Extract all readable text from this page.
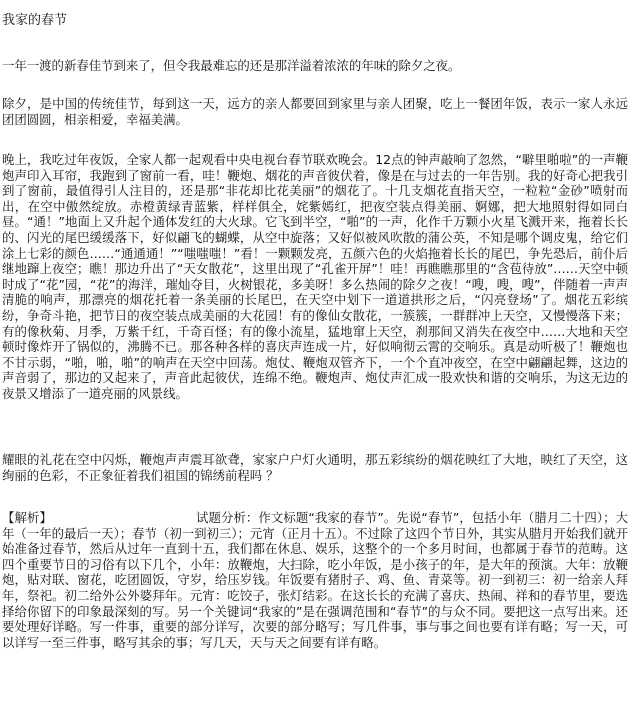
我家的春节

一年一渡的新春佳节到来了，但令我最难忘的还是那洋溢着浓浓的年味的除夕之夜。

除夕，是中国的传统佳节，每到这一天，远方的亲人都要回到家里与亲人团聚，吃上一餐团年饭，表示一家人永远团团圆圆，相亲相爱，幸福美满。

晚上，我吃过年夜饭，全家人都一起观看中央电视台春节联欢晚会。12点的钟声敲响了忽然，“噼里啪啦”的一声鞭炮声印入耳帘，我跑到了窗前一看，哇！鞭炮、烟花的声音彼伏着，像是在与过去的一年告别。我的好奇心把我引到了窗前，最值得引人注目的，还是那“非花却比花美丽”的烟花了。十几支烟花直指天空，一粒粒“金砂”喷射而出，在空中傲然绽放。赤橙黄绿青蓝紫，样样俱全，姹紫嫣红，把夜空装点得美丽、婀娜，把大地照射得如同白昼。“通！”地面上又升起个通体发红的大火球。它飞到半空，“啪”的一声，化作千万颗小火星飞溅开来，拖着长长的、闪光的尾巴缓缓落下，好似翩飞的蝴蝶，从空中旋落；又好似被风吹散的蒲公英，不知是哪个调皮鬼，给它们涂上七彩的颜色……“通通通！”“嗤嗤嗤！”看！一颗颗发亮，五颜六色的火焰拖着长长的尾巴，争先恐后，前仆后继地蹿上夜空；瞧！那边升出了“天女散花”，这里出现了“孔雀开屏”！哇！再瞧瞧那里的“含苞待放”……天空中顿时成了“花”园，“花”的海洋，璀灿夺目，火树银花，多美呀！多么热闹的除夕之夜！“嗖，嗖，嗖”，伴随着一声声清脆的响声，那漂亮的烟花托着一条美丽的长尾巴，在天空中划下一道道拱形之后，“闪亮登场”了。烟花五彩缤纷，争奇斗艳，把节日的夜空装点成美丽的大花园！有的像仙女散花，一簇簇，一群群冲上天空，又慢慢落下来；有的像秋菊、月季，万紫千红，千奇百怪；有的像小流星，猛地窜上天空，刹那间又消失在夜空中……大地和天空顿时像炸开了锅似的，沸腾不已。那各种各样的喜庆声连成一片，好似响彻云霄的交响乐。真是动听极了！鞭炮也不甘示弱，“啪，啪，啪”的响声在天空中回荡。炮仗、鞭炮双管齐下，一个个直冲夜空，在空中翩翩起舞，这边的声音弱了，那边的又起来了，声音此起彼伏，连绵不绝。鞭炮声、炮仗声汇成一股欢快和谐的交响乐，为这无边的夜景又增添了一道亮丽的风景线。

耀眼的礼花在空中闪烁，鞭炮声声震耳欲聋，家家户户灯火通明，那五彩缤纷的烟花映红了大地，映红了天空，这绚丽的色彩，不正象征着我们祖国的锦绣前程吗 ？

【解析】	试题分析：作文标题“我家的春节”。先说“春节”，包括小年（腊月二十四）；大年（一年的最后一天）；春节（初一到初三）；元宵（正月十五）。不过除了这四个节日外，其实从腊月开始我们就开始准备过春节，然后从过年一直到十五，我们都在休息、娱乐，这整个的一个多月时间，也都属于春节的范畴。这四个重要节日的习俗有以下几个，小年：放鞭炮，大扫除，吃小年饭，是小孩子的年，是大年的预演。大年：放鞭炮，贴对联、窗花，吃团圆饭，守岁，给压岁钱。年饭要有猪肘子、鸡、鱼、青菜等。初一到初三：初一给亲人拜年，祭祀。初二给外公外婆拜年。元宵：吃饺子，张灯结彩。在这长长的充满了喜庆、热闹、祥和的春节里，要选择给你留下的印象最深刻的写。另一个关键词“我家的”是在强调范围和“春节”的与众不同。要把这一点写出来。还要处理好详略。写一件事，重要的部分详写，次要的部分略写；写几件事，事与事之间也要有详有略；写一天，可以详写一至三件事，略写其余的事；写几天，天与天之间要有详有略。
